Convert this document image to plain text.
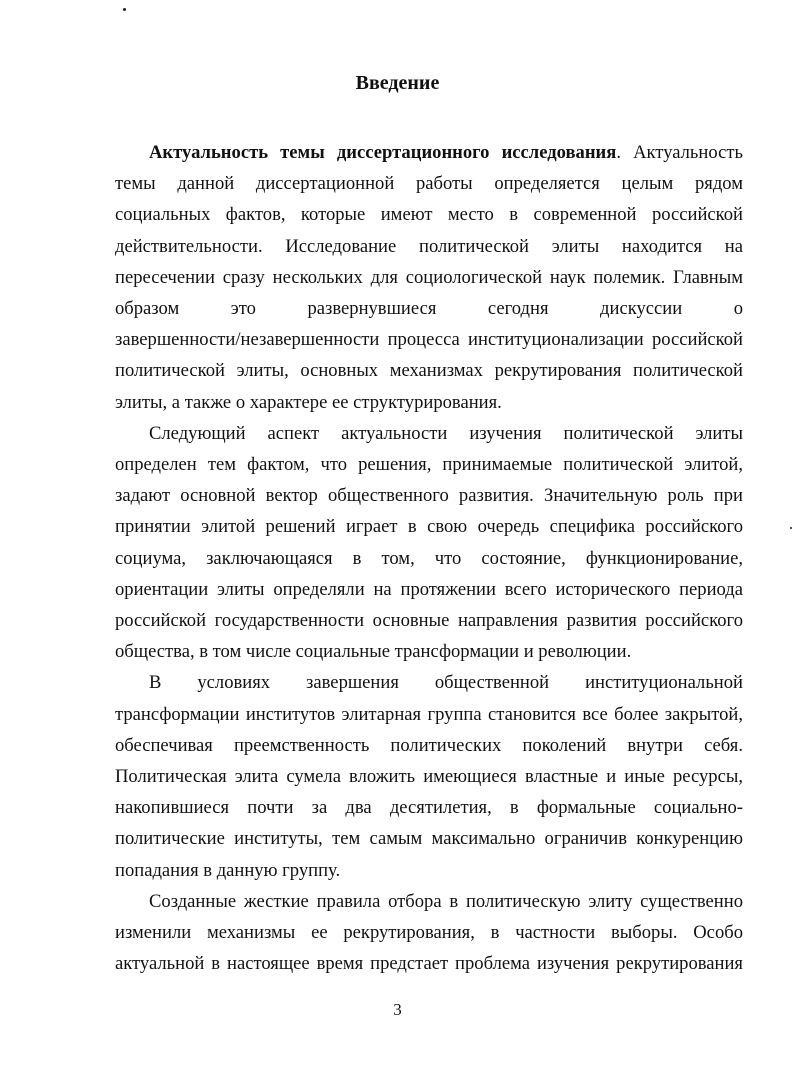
Введение

Актуальность темы диссертационного исследования. Актуальность
темы данной диссертационной работы определяется целым рядом
социальных фактов, которые имеют место в современной российской
действительности. Исследование политической элиты находится на
пересечении сразу нескольких для социологической наук полемик. Главным
образом это развернувшиеся сегодня дискуссии о
завершенности/незавершенности процесса институционализации российской
политической элиты, основных механизмах рекрутирования политической
элиты, а также о характере ее структурирования.

Следующий аспект актуальности изучения политической элиты
определен тем фактом, что решения, принимаемые политической элитой,
задают основной вектор общественного развития. Значительную роль при
принятии элитой решений играет в свою очередь специфика российского
социума, заключающаяся в том, что состояние, функционирование,
ориентации элиты определяли на протяжении всего исторического периода
российской государственности основные направления развития российского
общества, в том числе социальные трансформации и революции.

В условиях завершения общественной институциональной
трансформации институтов элитарная группа становится все более закрытой,
обеспечивая преемственность политических поколений внутри себя.
Политическая элита сумела вложить имеющиеся властные и иные ресурсы,
накопившиеся почти за два десятилетия, в формальные социально-
политические институты, тем самым максимально ограничив конкуренцию
попадания в данную группу.

Созданные жесткие правила отбора в политическую элиту существенно
изменили механизмы ее рекрутирования, в частности выборы. Особо
актуальной в настоящее время предстает проблема изучения рекрутирования

3
